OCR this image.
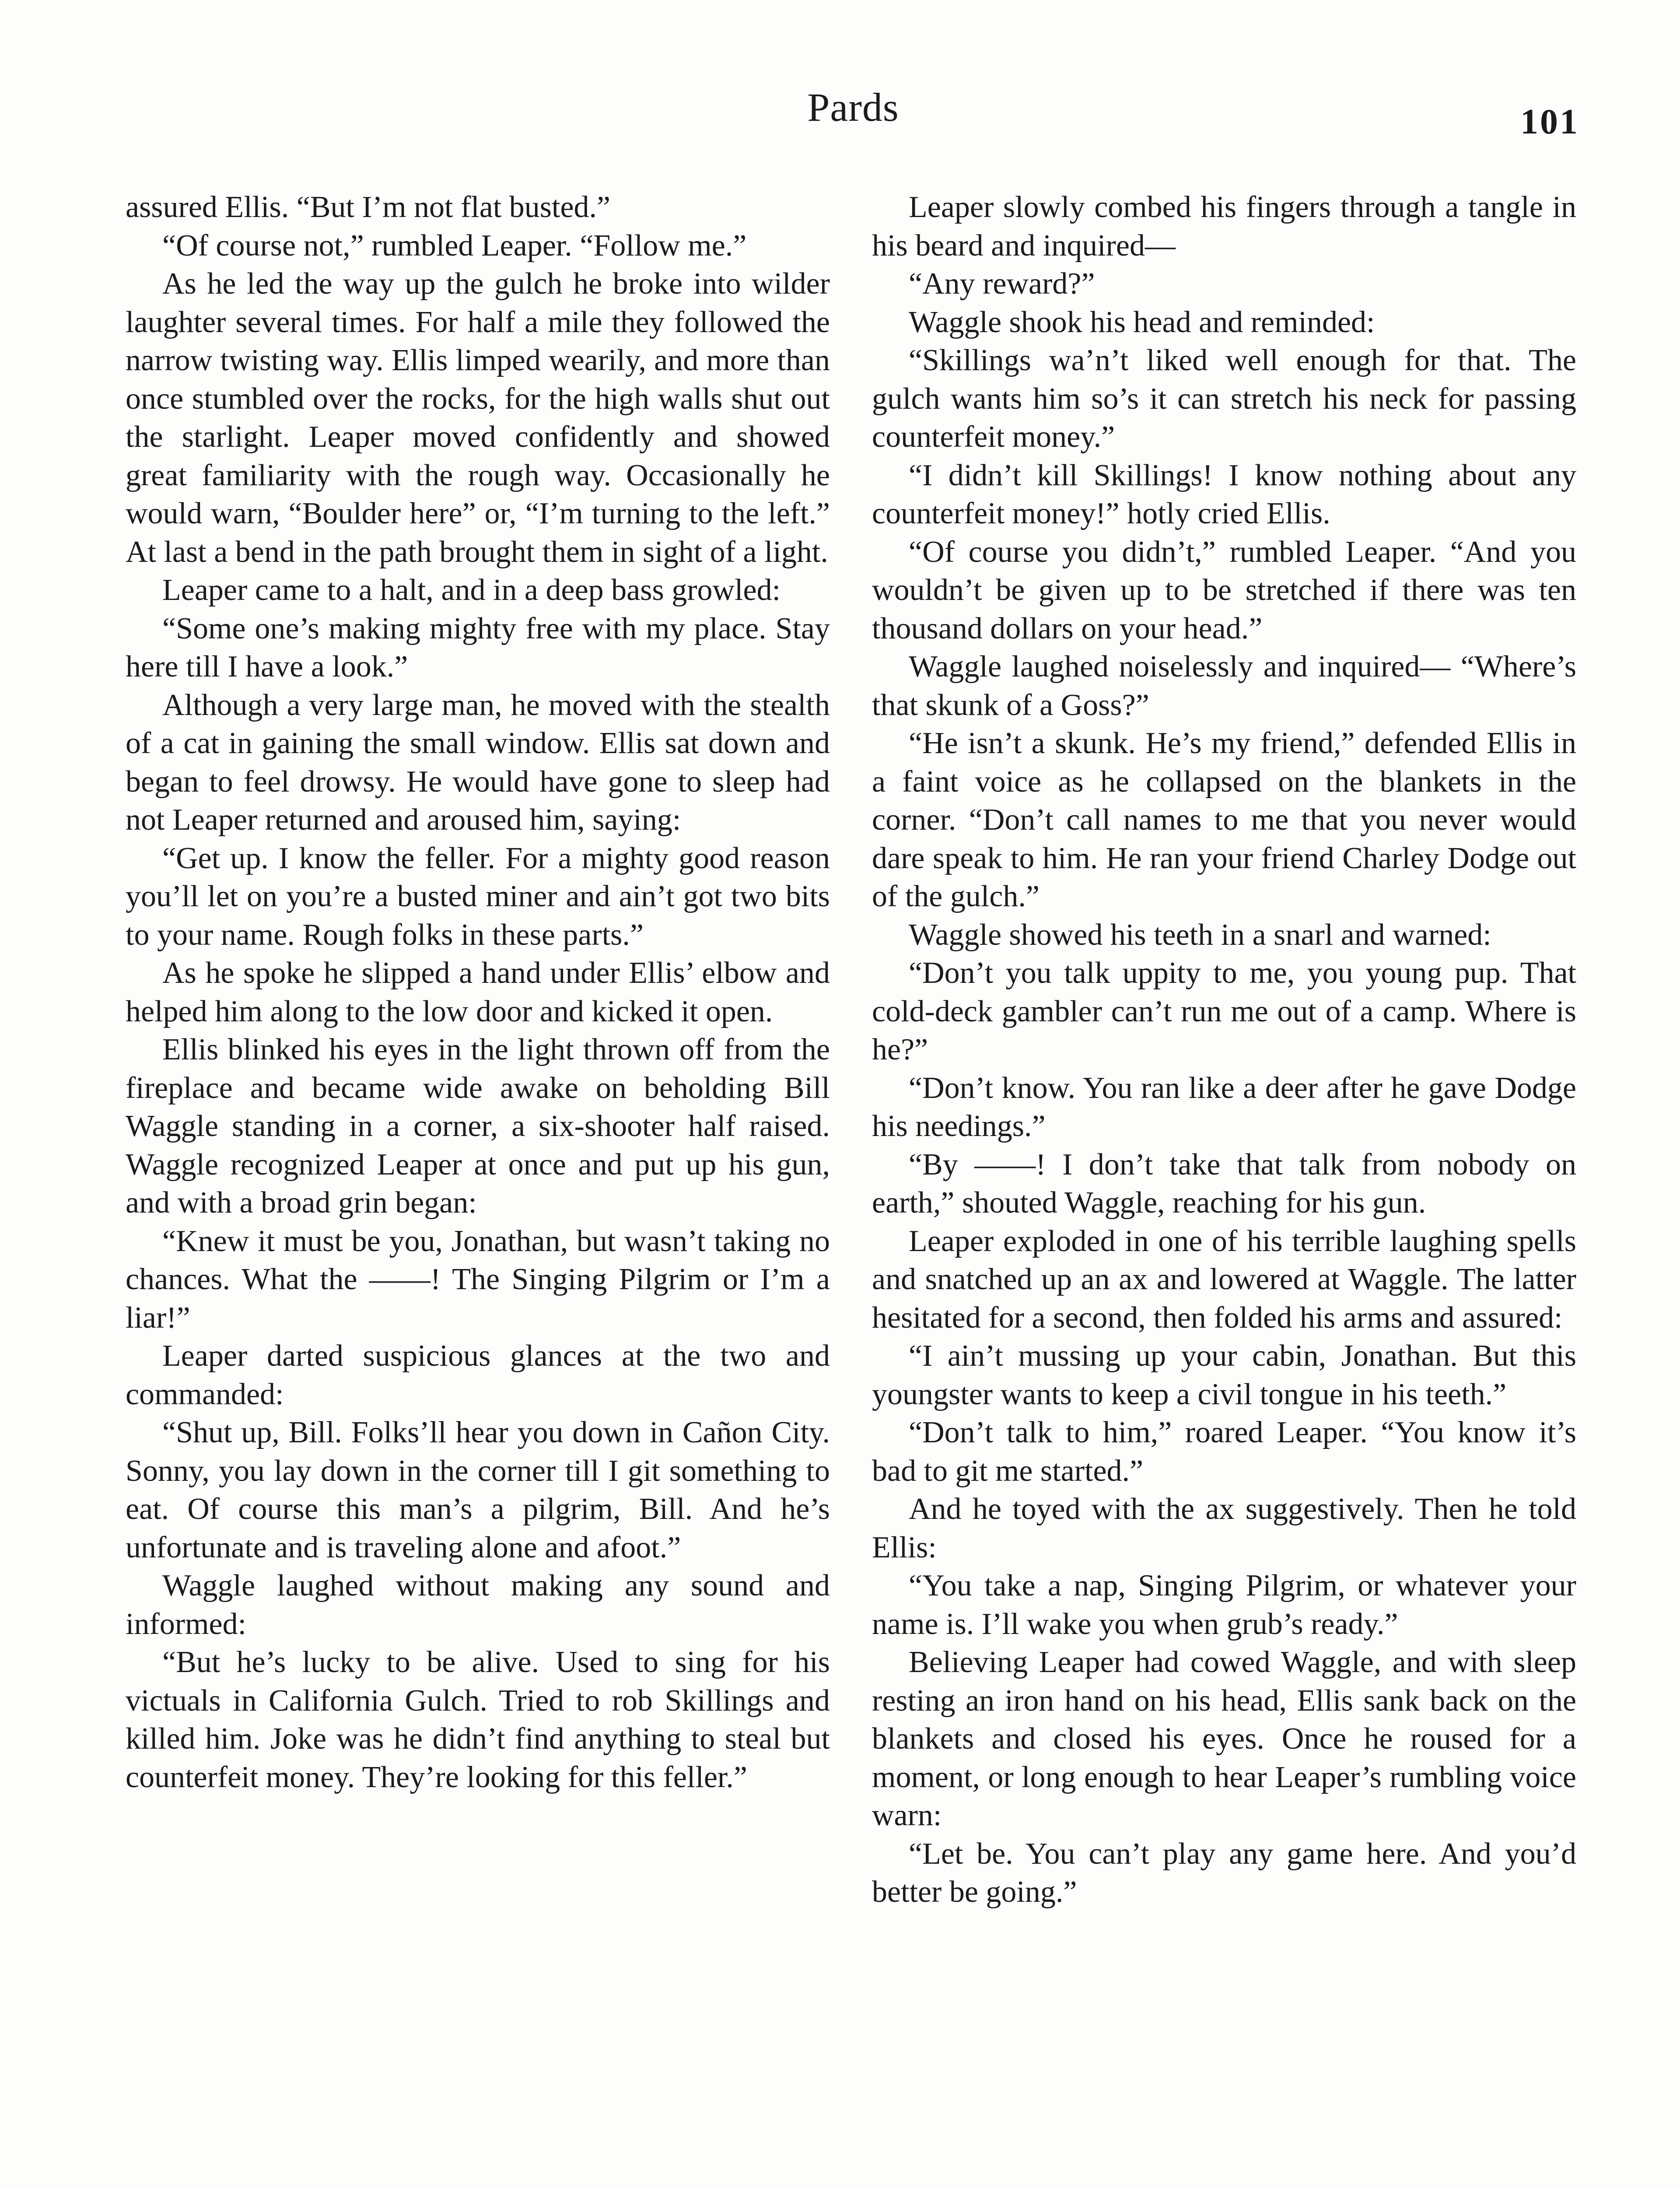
Pards	101

assured Ellis. “But I’m not flat busted.”

“Of course not,” rumbled Leaper. “Follow me.”

As he led the way up the gulch he broke into wilder laughter several times. For half a mile they followed the narrow twisting way. Ellis limped wearily, and more than once stumbled over the rocks, for the high walls shut out the starlight. Leaper moved confidently and showed great familiarity with the rough way. Occasionally he would warn, “Boulder here” or, “I’m turning to the left.” At last a bend in the path brought them in sight of a light.

Leaper came to a halt, and in a deep bass growled:

“Some one’s making mighty free with my place. Stay here till I have a look.”

Although a very large man, he moved with the stealth of a cat in gaining the small window. Ellis sat down and began to feel drowsy. He would have gone to sleep had not Leaper returned and aroused him, saying:

“Get up. I know the feller. For a mighty good reason you’ll let on you’re a busted miner and ain’t got two bits to your name. Rough folks in these parts.”

As he spoke he slipped a hand under Ellis’ elbow and helped him along to the low door and kicked it open.

Ellis blinked his eyes in the light thrown off from the fireplace and became wide awake on beholding Bill Waggle standing in a corner, a six-shooter half raised. Waggle recognized Leaper at once and put up his gun, and with a broad grin began:

“Knew it must be you, Jonathan, but wasn’t taking no chances. What the ——! The Singing Pilgrim or I’m a liar!”

Leaper darted suspicious glances at the two and commanded:

“Shut up, Bill. Folks’ll hear you down in Cañon City. Sonny, you lay down in the corner till I git something to eat. Of course this man’s a pilgrim, Bill. And he’s unfortunate and is traveling alone and afoot.”

Waggle laughed without making any sound and informed:

“But he’s lucky to be alive. Used to sing for his victuals in California Gulch. Tried to rob Skillings and killed him. Joke was he didn’t find anything to steal but counterfeit money. They’re looking for this feller.”

Leaper slowly combed his fingers through a tangle in his beard and inquired—

“Any reward?”

Waggle shook his head and reminded:

“Skillings wa’n’t liked well enough for that. The gulch wants him so’s it can stretch his neck for passing counterfeit money.”

“I didn’t kill Skillings! I know nothing about any counterfeit money!” hotly cried Ellis.

“Of course you didn’t,” rumbled Leaper. “And you wouldn’t be given up to be stretched if there was ten thousand dollars on your head.”

Waggle laughed noiselessly and inquired— “Where’s that skunk of a Goss?”

“He isn’t a skunk. He’s my friend,” defended Ellis in a faint voice as he collapsed on the blankets in the corner. “Don’t call names to me that you never would dare speak to him. He ran your friend Charley Dodge out of the gulch.”

Waggle showed his teeth in a snarl and warned:

“Don’t you talk uppity to me, you young pup. That cold-deck gambler can’t run me out of a camp. Where is he?”

“Don’t know. You ran like a deer after he gave Dodge his needings.”

“By ——! I don’t take that talk from nobody on earth,” shouted Waggle, reaching for his gun.

Leaper exploded in one of his terrible laughing spells and snatched up an ax and lowered at Waggle. The latter hesitated for a second, then folded his arms and assured:

“I ain’t mussing up your cabin, Jonathan. But this youngster wants to keep a civil tongue in his teeth.”

“Don’t talk to him,” roared Leaper. “You know it’s bad to git me started.”

And he toyed with the ax suggestively. Then he told Ellis:

“You take a nap, Singing Pilgrim, or whatever your name is. I’ll wake you when grub’s ready.”

Believing Leaper had cowed Waggle, and with sleep resting an iron hand on his head, Ellis sank back on the blankets and closed his eyes. Once he roused for a moment, or long enough to hear Leaper’s rumbling voice warn:

“Let be. You can’t play any game here. And you’d better be going.”
